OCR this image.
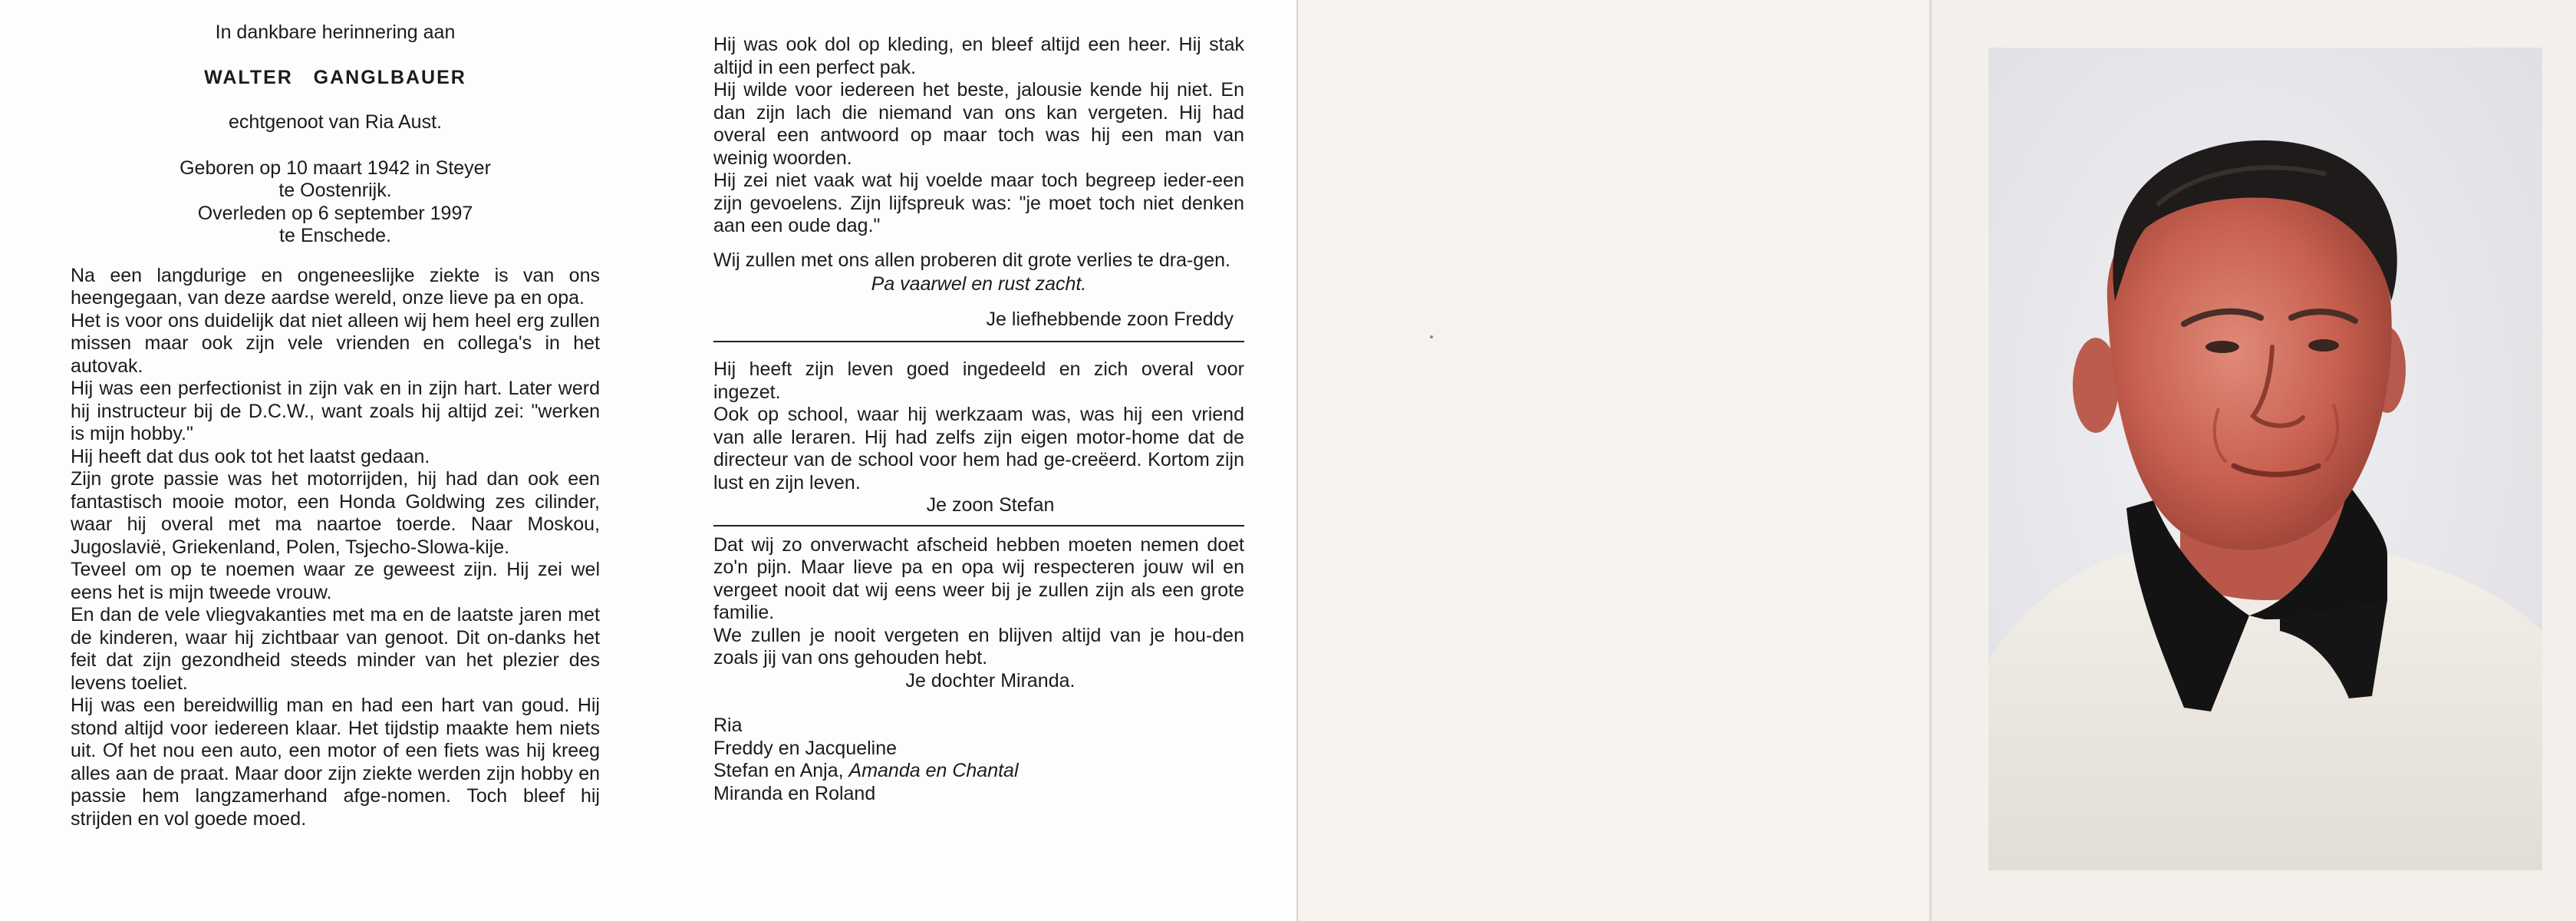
In dankbare herinnering aan
WALTER   GANGLBAUER
echtgenoot van Ria Aust.
Geboren op 10 maart 1942 in Steyer
te Oostenrijk.
Overleden op 6 september 1997
te Enschede.
Na een langdurige en ongeneeslijke ziekte is van ons heengegaan, van deze aardse wereld, onze lieve pa en opa.
Het is voor ons duidelijk dat niet alleen wij hem heel erg zullen missen maar ook zijn vele vrienden en collega's in het autovak.
Hij was een perfectionist in zijn vak en in zijn hart. Later werd hij instructeur bij de D.C.W., want zoals hij altijd zei: "werken is mijn hobby."
Hij heeft dat dus ook tot het laatst gedaan.
Zijn grote passie was het motorrijden, hij had dan ook een fantastisch mooie motor, een Honda Goldwing zes cilinder, waar hij overal met ma naartoe toerde. Naar Moskou, Jugoslavië, Griekenland, Polen, Tsjecho-Slowa-kije.
Teveel om op te noemen waar ze geweest zijn. Hij zei wel eens het is mijn tweede vrouw.
En dan de vele vliegvakanties met ma en de laatste jaren met de kinderen, waar hij zichtbaar van genoot. Dit on-danks het feit dat zijn gezondheid steeds minder van het plezier des levens toeliet.
Hij was een bereidwillig man en had een hart van goud. Hij stond altijd voor iedereen klaar. Het tijdstip maakte hem niets uit. Of het nou een auto, een motor of een fiets was hij kreeg alles aan de praat. Maar door zijn ziekte werden zijn hobby en passie hem langzamerhand afge-nomen. Toch bleef hij strijden en vol goede moed.
Hij was ook dol op kleding, en bleef altijd een heer. Hij stak altijd in een perfect pak.
Hij wilde voor iedereen het beste, jalousie kende hij niet. En dan zijn lach die niemand van ons kan vergeten. Hij had overal een antwoord op maar toch was hij een man van weinig woorden.
Hij zei niet vaak wat hij voelde maar toch begreep ieder-een zijn gevoelens. Zijn lijfspreuk was: "je moet toch niet denken aan een oude dag."
Wij zullen met ons allen proberen dit grote verlies te dra-gen.
Pa vaarwel en rust zacht.
Je liefhebbende zoon Freddy
Hij heeft zijn leven goed ingedeeld en zich overal voor ingezet.
Ook op school, waar hij werkzaam was, was hij een vriend van alle leraren. Hij had zelfs zijn eigen motor-home dat de directeur van de school voor hem had ge-creëerd. Kortom zijn lust en zijn leven.
Je zoon Stefan
Dat wij zo onverwacht afscheid hebben moeten nemen doet zo'n pijn. Maar lieve pa en opa wij respecteren jouw wil en vergeet nooit dat wij eens weer bij je zullen zijn als een grote familie.
We zullen je nooit vergeten en blijven altijd van je hou-den zoals jij van ons gehouden hebt.
Je dochter Miranda.
Ria
Freddy en Jacqueline
Stefan en Anja, Amanda en Chantal
Miranda en Roland
